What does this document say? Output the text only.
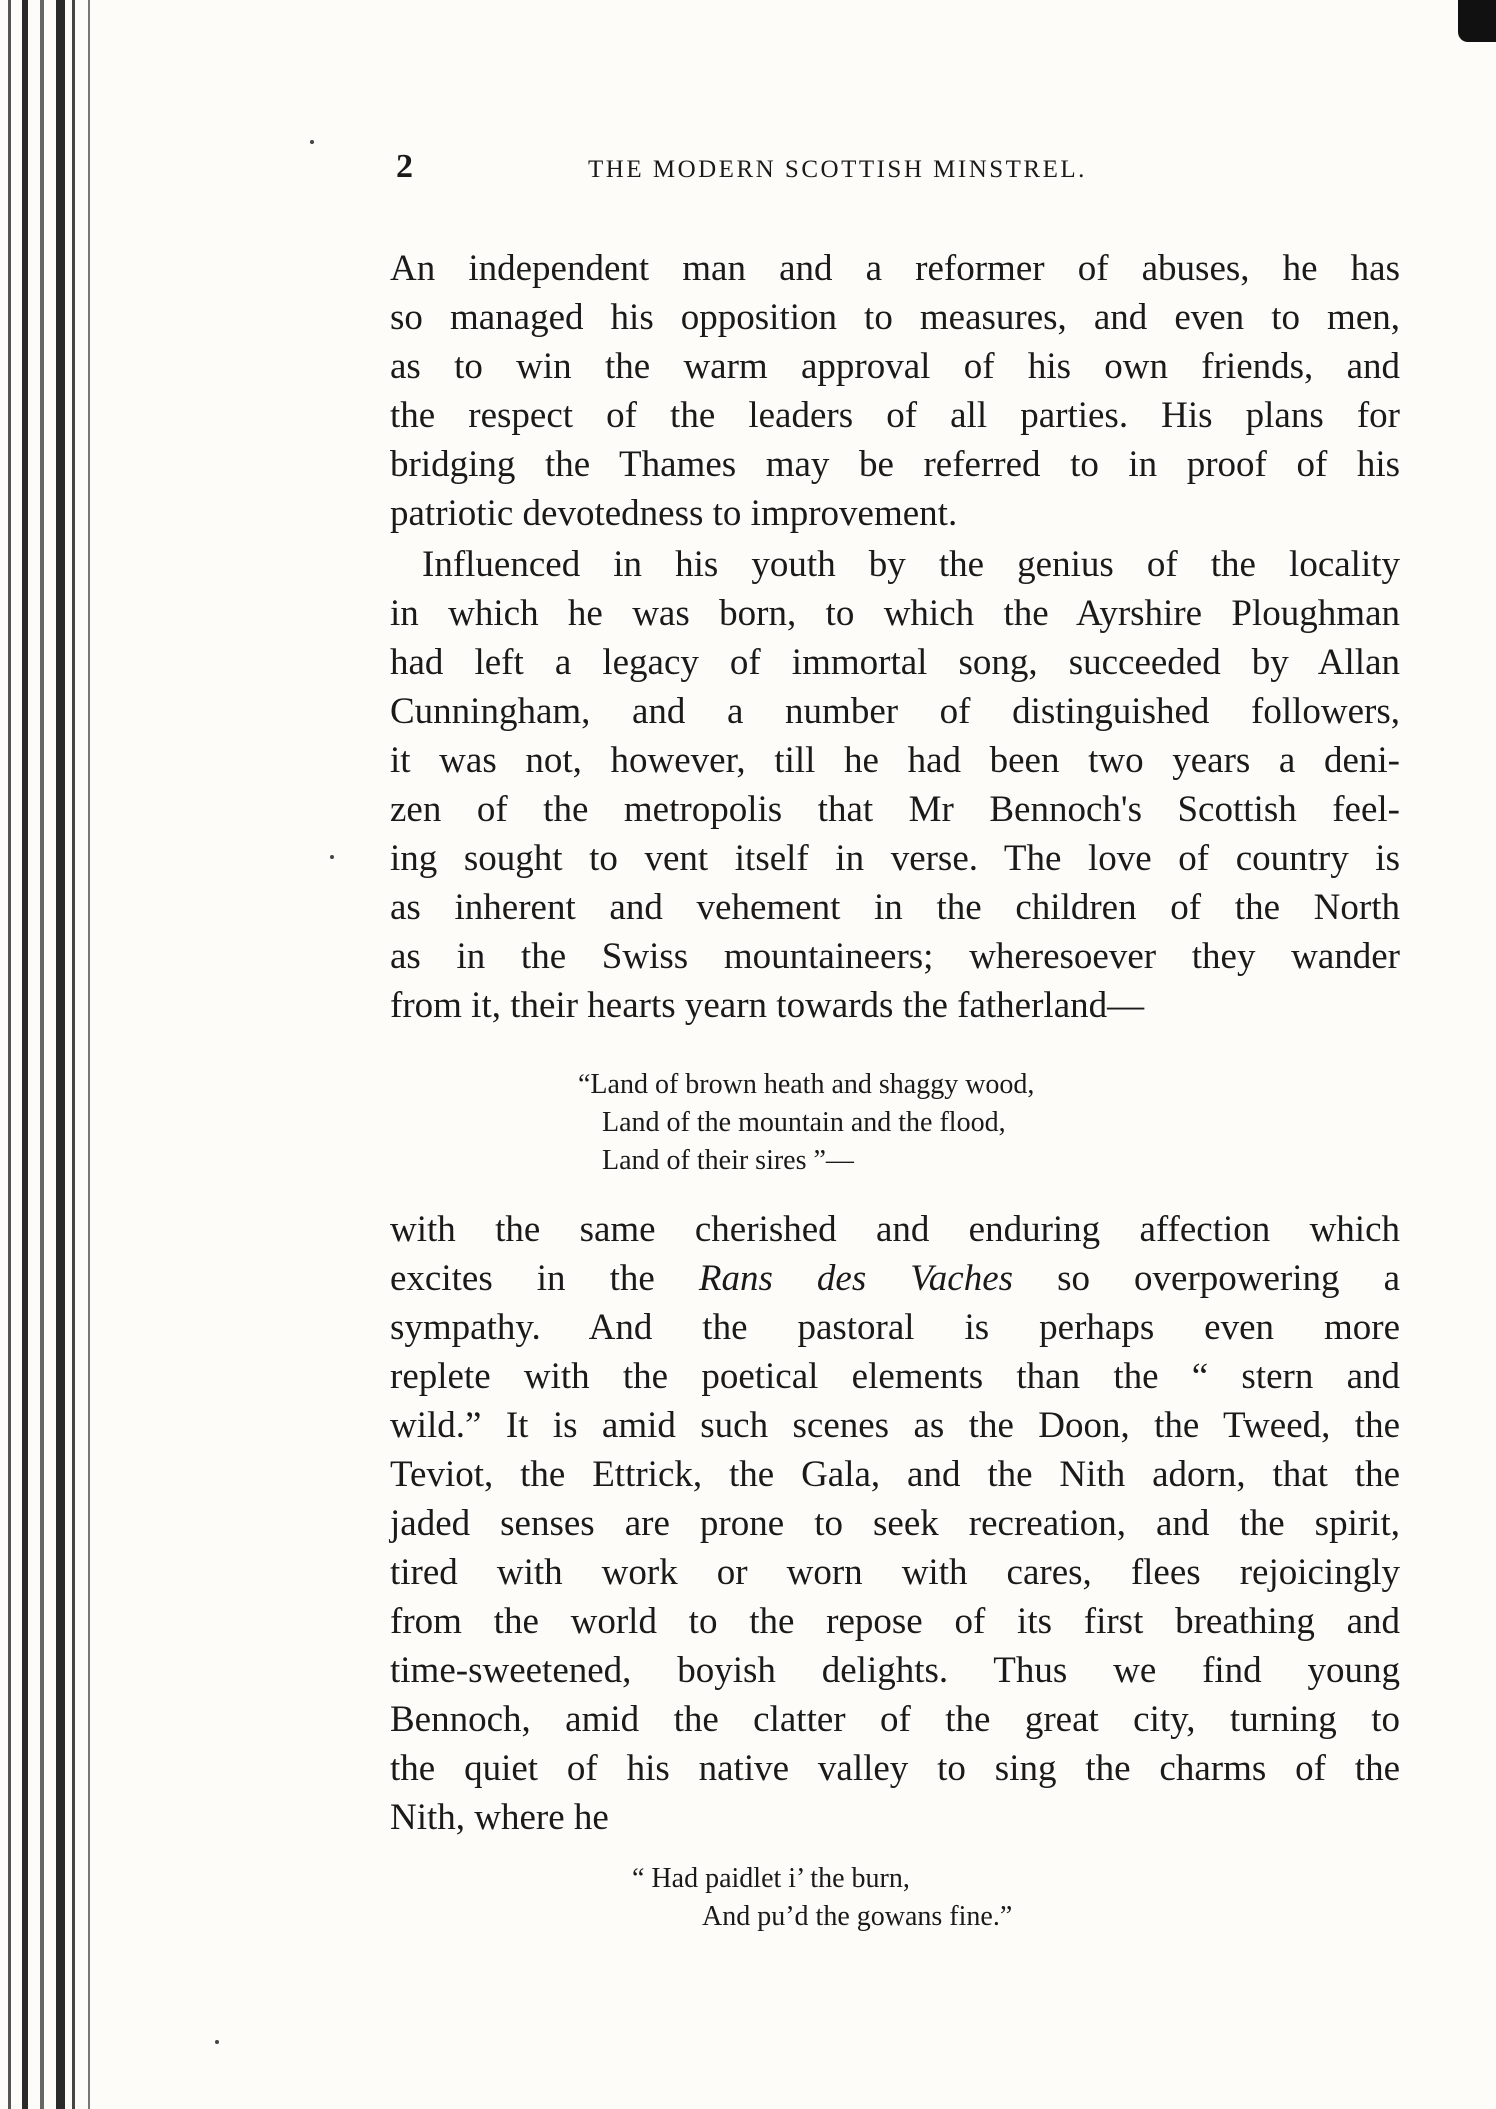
2	THE MODERN SCOTTISH MINSTREL.
An independent man and a reformer of abuses, he has
so managed his opposition to measures, and even to men,
as to win the warm approval of his own friends, and
the respect of the leaders of all parties. His plans for
bridging the Thames may be referred to in proof of his
patriotic devotedness to improvement.
Influenced in his youth by the genius of the locality
in which he was born, to which the Ayrshire Ploughman
had left a legacy of immortal song, succeeded by Allan
Cunningham, and a number of distinguished followers,
it was not, however, till he had been two years a deni-
zen of the metropolis that Mr Bennoch's Scottish feel-
ing sought to vent itself in verse. The love of country is
as inherent and vehement in the children of the North
as in the Swiss mountaineers; wheresoever they wander
from it, their hearts yearn towards the fatherland—
“Land of brown heath and shaggy wood,
Land of the mountain and the flood,
Land of their sires ”—
with the same cherished and enduring affection which
excites in the Rans des Vaches so overpowering a
sympathy. And the pastoral is perhaps even more
replete with the poetical elements than the “ stern and
wild.” It is amid such scenes as the Doon, the Tweed, the
Teviot, the Ettrick, the Gala, and the Nith adorn, that the
jaded senses are prone to seek recreation, and the spirit,
tired with work or worn with cares, flees rejoicingly
from the world to the repose of its first breathing and
time-sweetened, boyish delights. Thus we find young
Bennoch, amid the clatter of the great city, turning to
the quiet of his native valley to sing the charms of the
Nith, where he
“ Had paidlet i’ the burn,
And pu’d the gowans fine.”
